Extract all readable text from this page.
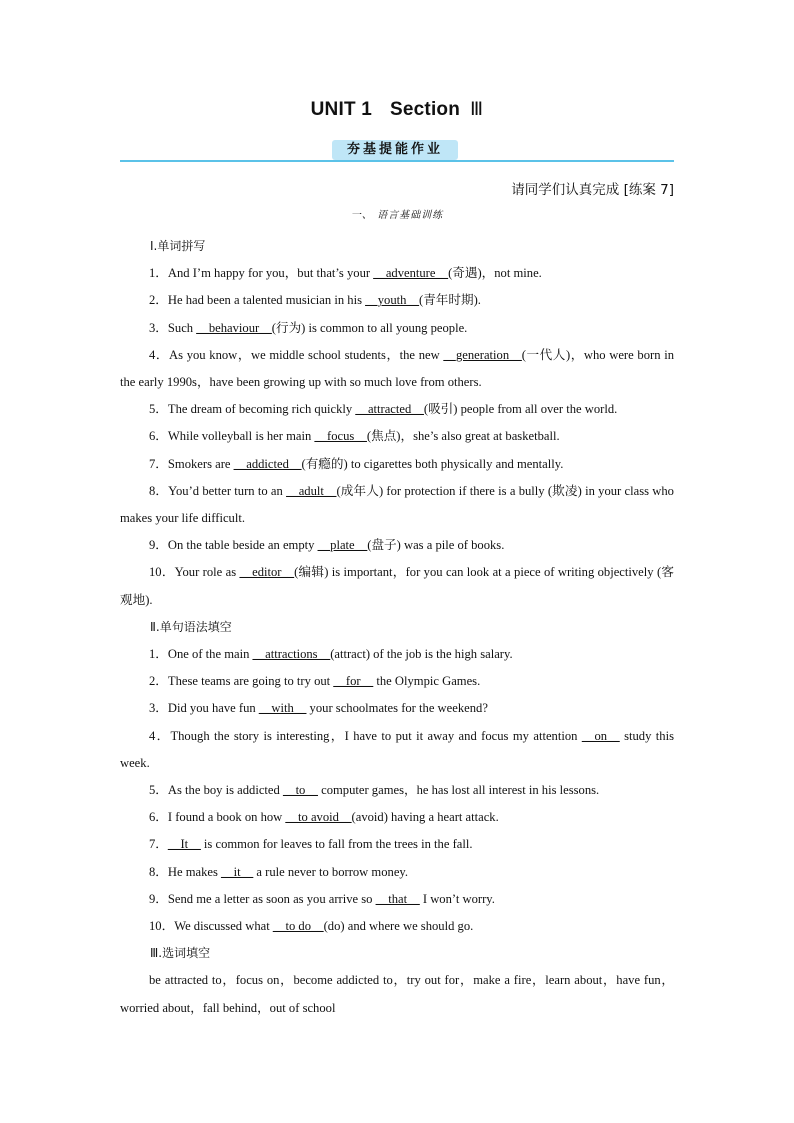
UNIT 1 Section Ⅲ
夯基提能作业
请同学们认真完成 [练案 7]
一、 语言基础训练

Ⅰ.单词拼写

1．And I’m happy for you，but that’s your __adventure__(奇遇)，not mine.

2．He had been a talented musician in his __youth__(青年时期).

3．Such __behaviour__(行为) is common to all young people.

4．As you know，we middle school students，the new __generation__(一代人)，who were born in the early 1990s，have been growing up with so much love from others.

5．The dream of becoming rich quickly __attracted__(吸引) people from all over the world.

6．While volleyball is her main __focus__(焦点)，she’s also great at basketball.

7．Smokers are __addicted__(有瘾的) to cigarettes both physically and mentally.

8．You’d better turn to an __adult__(成年人) for protection if there is a bully (欺凌) in your class who makes your life difficult.

9．On the table beside an empty __plate__(盘子) was a pile of books.

10．Your role as __editor__(编辑) is important，for you can look at a piece of writing objectively (客观地).

Ⅱ.单句语法填空

1．One of the main __attractions__(attract) of the job is the high salary.

2．These teams are going to try out __for__ the Olympic Games.

3．Did you have fun __with__ your schoolmates for the weekend?

4．Though the story is interesting，I have to put it away and focus my attention __on__ study this week.

5．As the boy is addicted __to__ computer games，he has lost all interest in his lessons.

6．I found a book on how __to avoid__(avoid) having a heart attack.

7．__It__ is common for leaves to fall from the trees in the fall.

8．He makes __it__ a rule never to borrow money.

9．Send me a letter as soon as you arrive so __that__ I won’t worry.

10．We discussed what __to do__(do) and where we should go.

Ⅲ.选词填空

be attracted to，focus on，become addicted to，try out for，make a fire，learn about，have fun，worried about，fall behind，out of school
